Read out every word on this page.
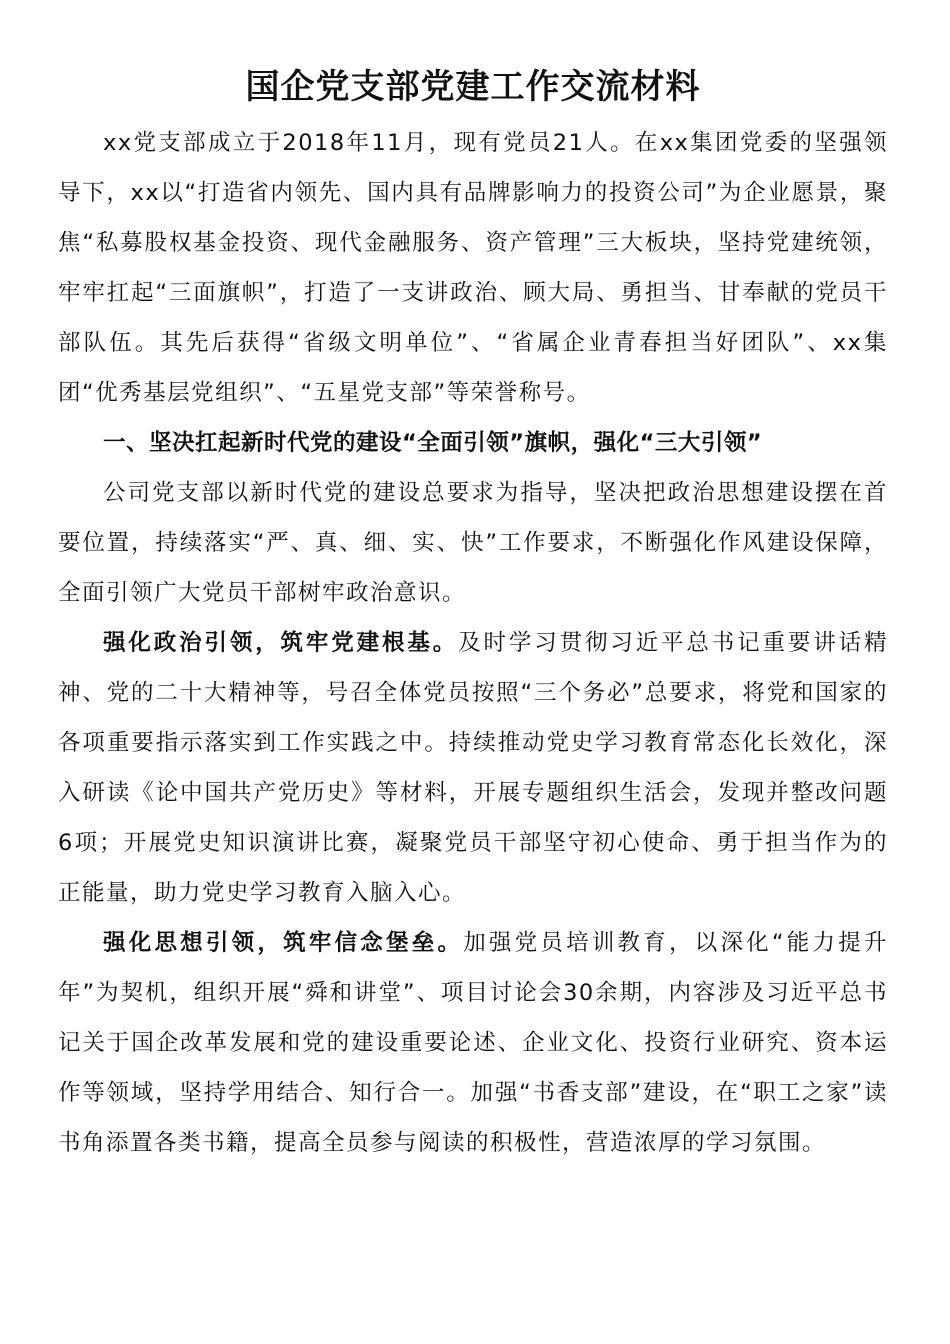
国企党支部党建工作交流材料

xx党支部成立于2018年11月，现有党员21人。在xx集团党委的坚强领导下，xx以“打造省内领先、国内具有品牌影响力的投资公司”为企业愿景，聚焦“私募股权基金投资、现代金融服务、资产管理”三大板块，坚持党建统领，牢牢扛起“三面旗帜”，打造了一支讲政治、顾大局、勇担当、甘奉献的党员干部队伍。其先后获得“省级文明单位”、“省属企业青春担当好团队”、xx集团“优秀基层党组织”、“五星党支部”等荣誉称号。

一、坚决扛起新时代党的建设“全面引领”旗帜，强化“三大引领”

公司党支部以新时代党的建设总要求为指导，坚决把政治思想建设摆在首要位置，持续落实“严、真、细、实、快”工作要求，不断强化作风建设保障，全面引领广大党员干部树牢政治意识。

强化政治引领，筑牢党建根基。及时学习贯彻习近平总书记重要讲话精神、党的二十大精神等，号召全体党员按照“三个务必”总要求，将党和国家的各项重要指示落实到工作实践之中。持续推动党史学习教育常态化长效化，深入研读《论中国共产党历史》等材料，开展专题组织生活会，发现并整改问题6项；开展党史知识演讲比赛，凝聚党员干部坚守初心使命、勇于担当作为的正能量，助力党史学习教育入脑入心。

强化思想引领，筑牢信念堡垒。加强党员培训教育，以深化“能力提升年”为契机，组织开展“舜和讲堂”、项目讨论会30余期，内容涉及习近平总书记关于国企改革发展和党的建设重要论述、企业文化、投资行业研究、资本运作等领域，坚持学用结合、知行合一。加强“书香支部”建设，在“职工之家”读书角添置各类书籍，提高全员参与阅读的积极性，营造浓厚的学习氛围。
